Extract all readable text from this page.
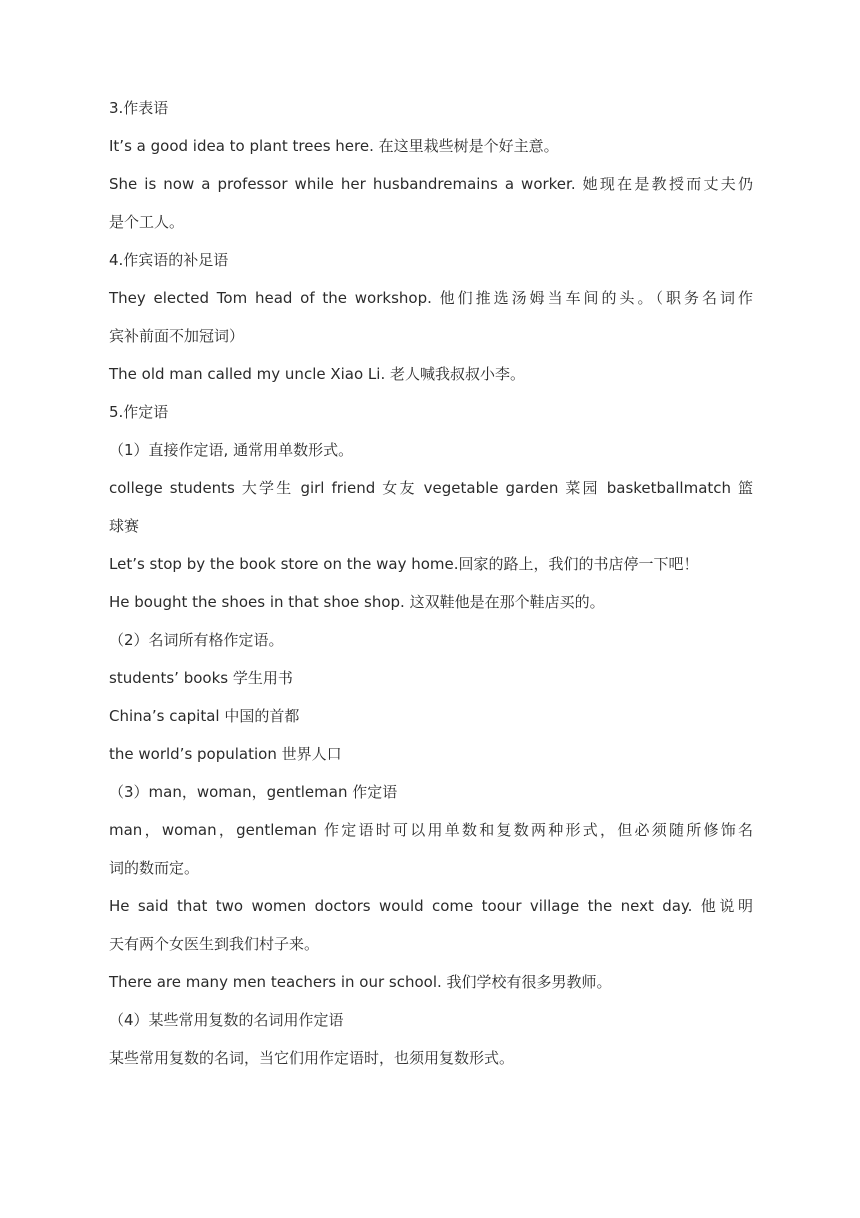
3.作表语
It’s a good idea to plant trees here. 在这里栽些树是个好主意。
She is now a professor while her husbandremains a worker. 她现在是教授而丈夫仍
是个工人。
4.作宾语的补足语
They elected Tom head of the workshop. 他们推选汤姆当车间的头。（职务名词作
宾补前面不加冠词）
The old man called my uncle Xiao Li. 老人喊我叔叔小李。
5.作定语
（1）直接作定语, 通常用单数形式。
college students 大学生 girl friend 女友 vegetable garden 菜园 basketballmatch 篮
球赛
Let’s stop by the book store on the way home.回家的路上，我们的书店停一下吧！
He bought the shoes in that shoe shop. 这双鞋他是在那个鞋店买的。
（2）名词所有格作定语。
students’ books 学生用书
China’s capital 中国的首都
the world’s population 世界人口
（3）man，woman，gentleman 作定语
man，woman，gentleman 作定语时可以用单数和复数两种形式，但必须随所修饰名
词的数而定。
He said that two women doctors would come toour village the next day. 他说明
天有两个女医生到我们村子来。
There are many men teachers in our school. 我们学校有很多男教师。
（4）某些常用复数的名词用作定语
某些常用复数的名词，当它们用作定语时，也须用复数形式。
